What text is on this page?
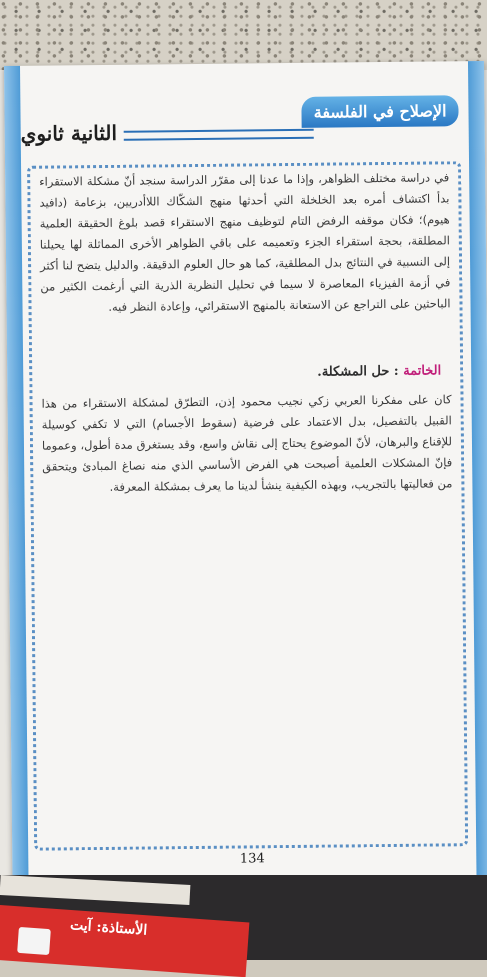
الثانية ثانوي
الإصلاح في الفلسفة
في دراسة مختلف الظواهر، وإذا ما عدنا إلى مقرّر الدراسة سنجد أنّ مشكلة الاستقراء بدأ اكتشاف أمره بعد الخلخلة التي أحدثها منهج الشكّاك اللاأدريين، بزعامة (دافيد هيوم)؛ فكان موقفه الرفض التام لتوظيف منهج الاستقراء قصد بلوغ الحقيقة العلمية المطلقة، بحجة استقراء الجزء وتعميمه على باقي الظواهر الأخرى المماثلة لها يحيلنا إلى النسبية في النتائج بدل المطلقية، كما هو حال العلوم الدقيقة. والدليل يتضح لنا أكثر في أزمة الفيزياء المعاصرة لا سيما في تحليل النظرية الذرية التي أرغمت الكثير من الباحثين على التراجع عن الاستعانة بالمنهج الاستقرائي، وإعادة النظر فيه.
الخاتمة : حل المشكلة.
كان على مفكرنا العربي زكي نجيب محمود إذن، التطرّق لمشكلة الاستقراء من هذا القبيل بالتفصيل، بدل الاعتماد على فرضية (سقوط الأجسام) التي لا تكفي كوسيلة للإقناع والبرهان، لأنّ الموضوع يحتاج إلى نقاش واسع، وقد يستغرق مدة أطول، وعموما فإنّ المشكلات العلمية أصبحت هي الفرض الأساسي الذي منه نصاغ المبادئ ويتحقق من فعاليتها بالتجريب، وبهذه الكيفية ينشأ لدينا ما يعرف بمشكلة المعرفة.
134
الأستاذة: آيت
